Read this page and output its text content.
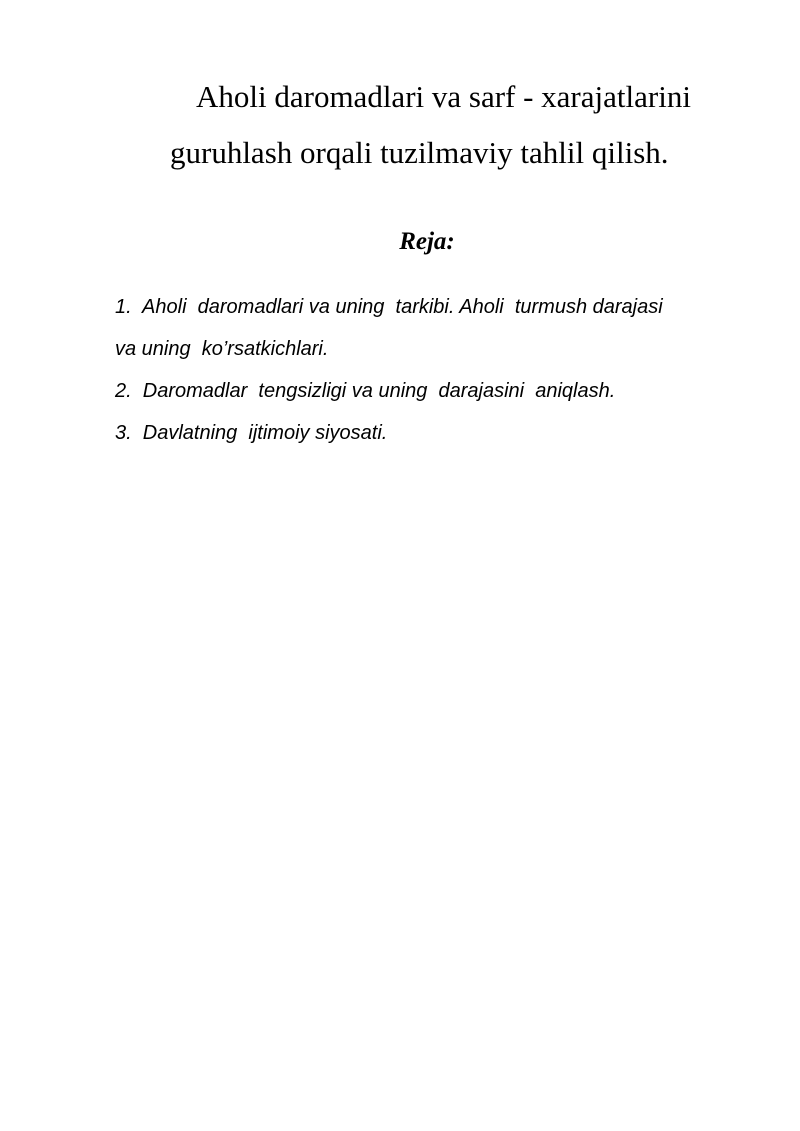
Aholi daromadlari va sarf - xarajatlarini
guruhlash orqali tuzilmaviy tahlil qilish.
Reja:
1.  Aholi  daromadlari va uning  tarkibi. Aholi  turmush darajasi
va uning  ko’rsatkichlari.
2.  Daromadlar  tengsizligi va uning  darajasini  aniqlash.
3.  Davlatning  ijtimoiy siyosati.
